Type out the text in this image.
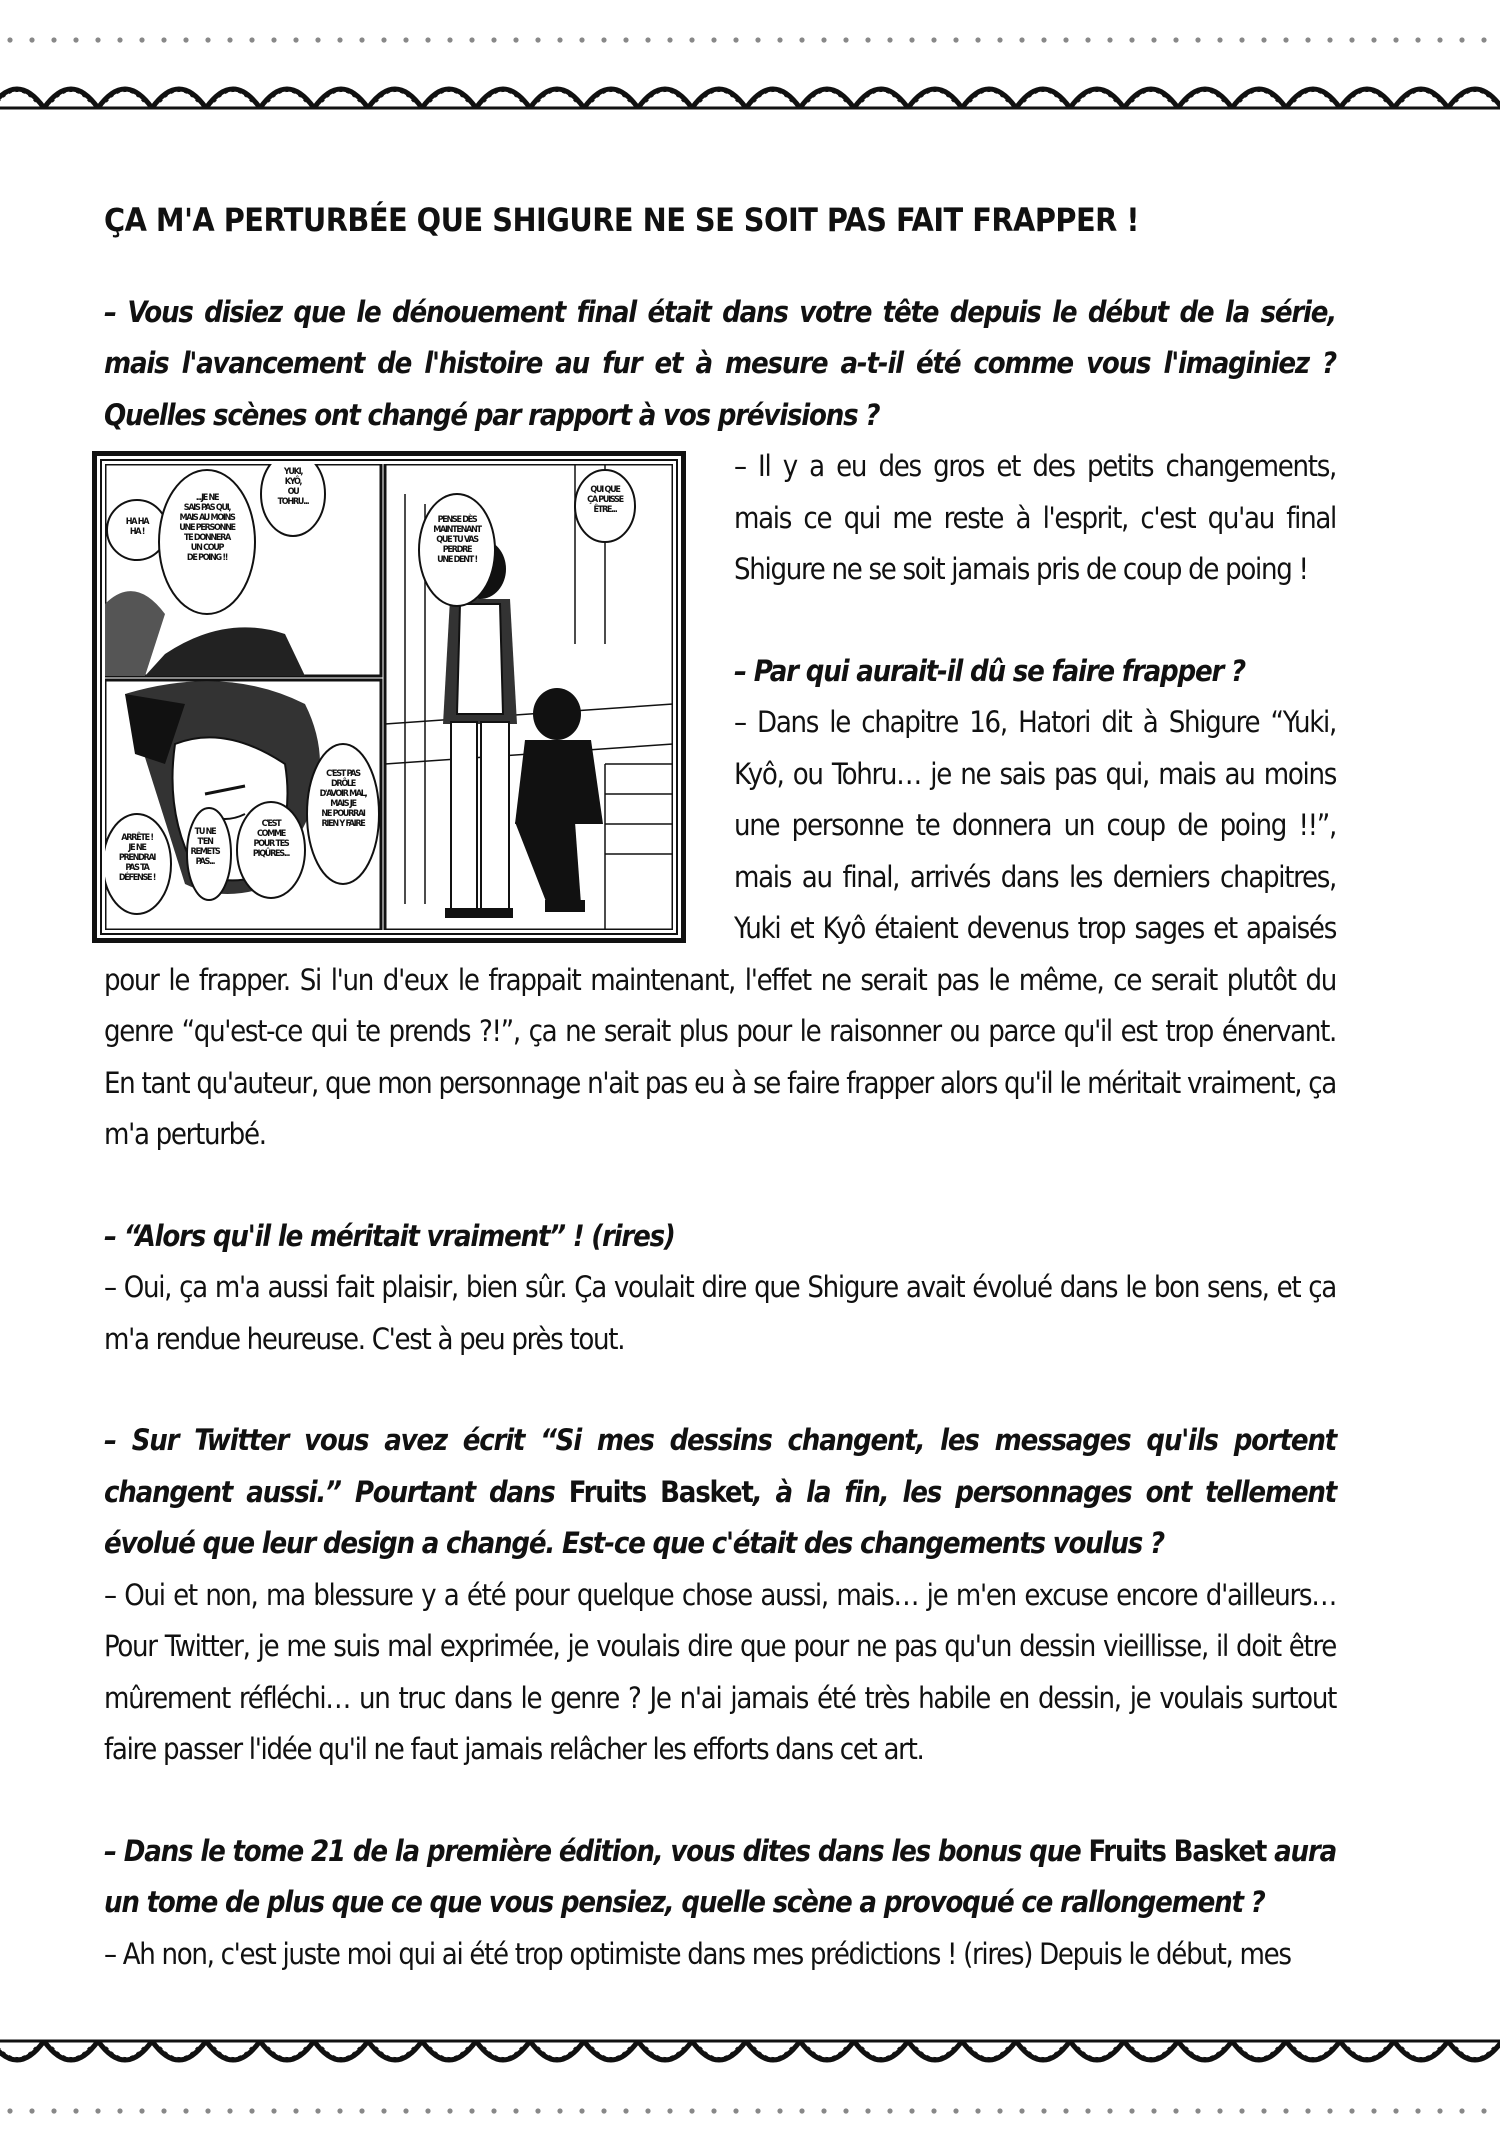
ÇA M'A PERTURBÉE QUE SHIGURE NE SE SOIT PAS FAIT FRAPPER !

– Vous disiez que le dénouement final était dans votre tête depuis le début de la série, mais l'avancement de l'histoire au fur et à mesure a-t-il été comme vous l'imaginiez ? Quelles scènes ont changé par rapport à vos prévisions ?

HA HA HA !
...JE NE SAIS PAS QUI, MAIS AU MOINS UNE PERSONNE TE DONNERA UN COUP DE POING !!
YUKI, KYÔ, OU TOHRU...
PENSE DÈS MAINTENANT QUE TU VAS PERDRE UNE DENT !
QUI QUE ÇA PUISSE ÊTRE...
ARRÊTE ! JE NE PRENDRAI PAS TA DÉFENSE !
TU NE T'EN REMETS PAS...
C'EST COMME POUR TES PIQÛRES...
C'EST PAS DRÔLE D'AVOIR MAL, MAIS JE NE POURRAI RIEN Y FAIRE
– Il y a eu des gros et des petits changements, mais ce qui me reste à l'esprit, c'est qu'au final Shigure ne se soit jamais pris de coup de poing !

– Par qui aurait-il dû se faire frapper ?

– Dans le chapitre 16, Hatori dit à Shigure “Yuki, Kyô, ou Tohru… je ne sais pas qui, mais au moins une personne te donnera un coup de poing !!”, mais au final, arrivés dans les derniers chapitres, Yuki et Kyô étaient devenus trop sages et apaisés pour le frapper. Si l'un d'eux le frappait maintenant, l'effet ne serait pas le même, ce serait plutôt du genre “qu'est-ce qui te prends ?!”, ça ne serait plus pour le raisonner ou parce qu'il est trop énervant. En tant qu'auteur, que mon personnage n'ait pas eu à se faire frapper alors qu'il le méritait vraiment, ça m'a perturbé.

– “Alors qu'il le méritait vraiment” ! (rires)

– Oui, ça m'a aussi fait plaisir, bien sûr. Ça voulait dire que Shigure avait évolué dans le bon sens, et ça m'a rendue heureuse. C'est à peu près tout.

– Sur Twitter vous avez écrit “Si mes dessins changent, les messages qu'ils portent changent aussi.” Pourtant dans Fruits Basket, à la fin, les personnages ont tellement évolué que leur design a changé. Est-ce que c'était des changements voulus ?

– Oui et non, ma blessure y a été pour quelque chose aussi, mais… je m'en excuse encore d'ailleurs… Pour Twitter, je me suis mal exprimée, je voulais dire que pour ne pas qu'un dessin vieillisse, il doit être mûrement réfléchi… un truc dans le genre ? Je n'ai jamais été très habile en dessin, je voulais surtout faire passer l'idée qu'il ne faut jamais relâcher les efforts dans cet art.

– Dans le tome 21 de la première édition, vous dites dans les bonus que Fruits Basket aura un tome de plus que ce que vous pensiez, quelle scène a provoqué ce rallongement ?

– Ah non, c'est juste moi qui ai été trop optimiste dans mes prédictions ! (rires) Depuis le début, mes
